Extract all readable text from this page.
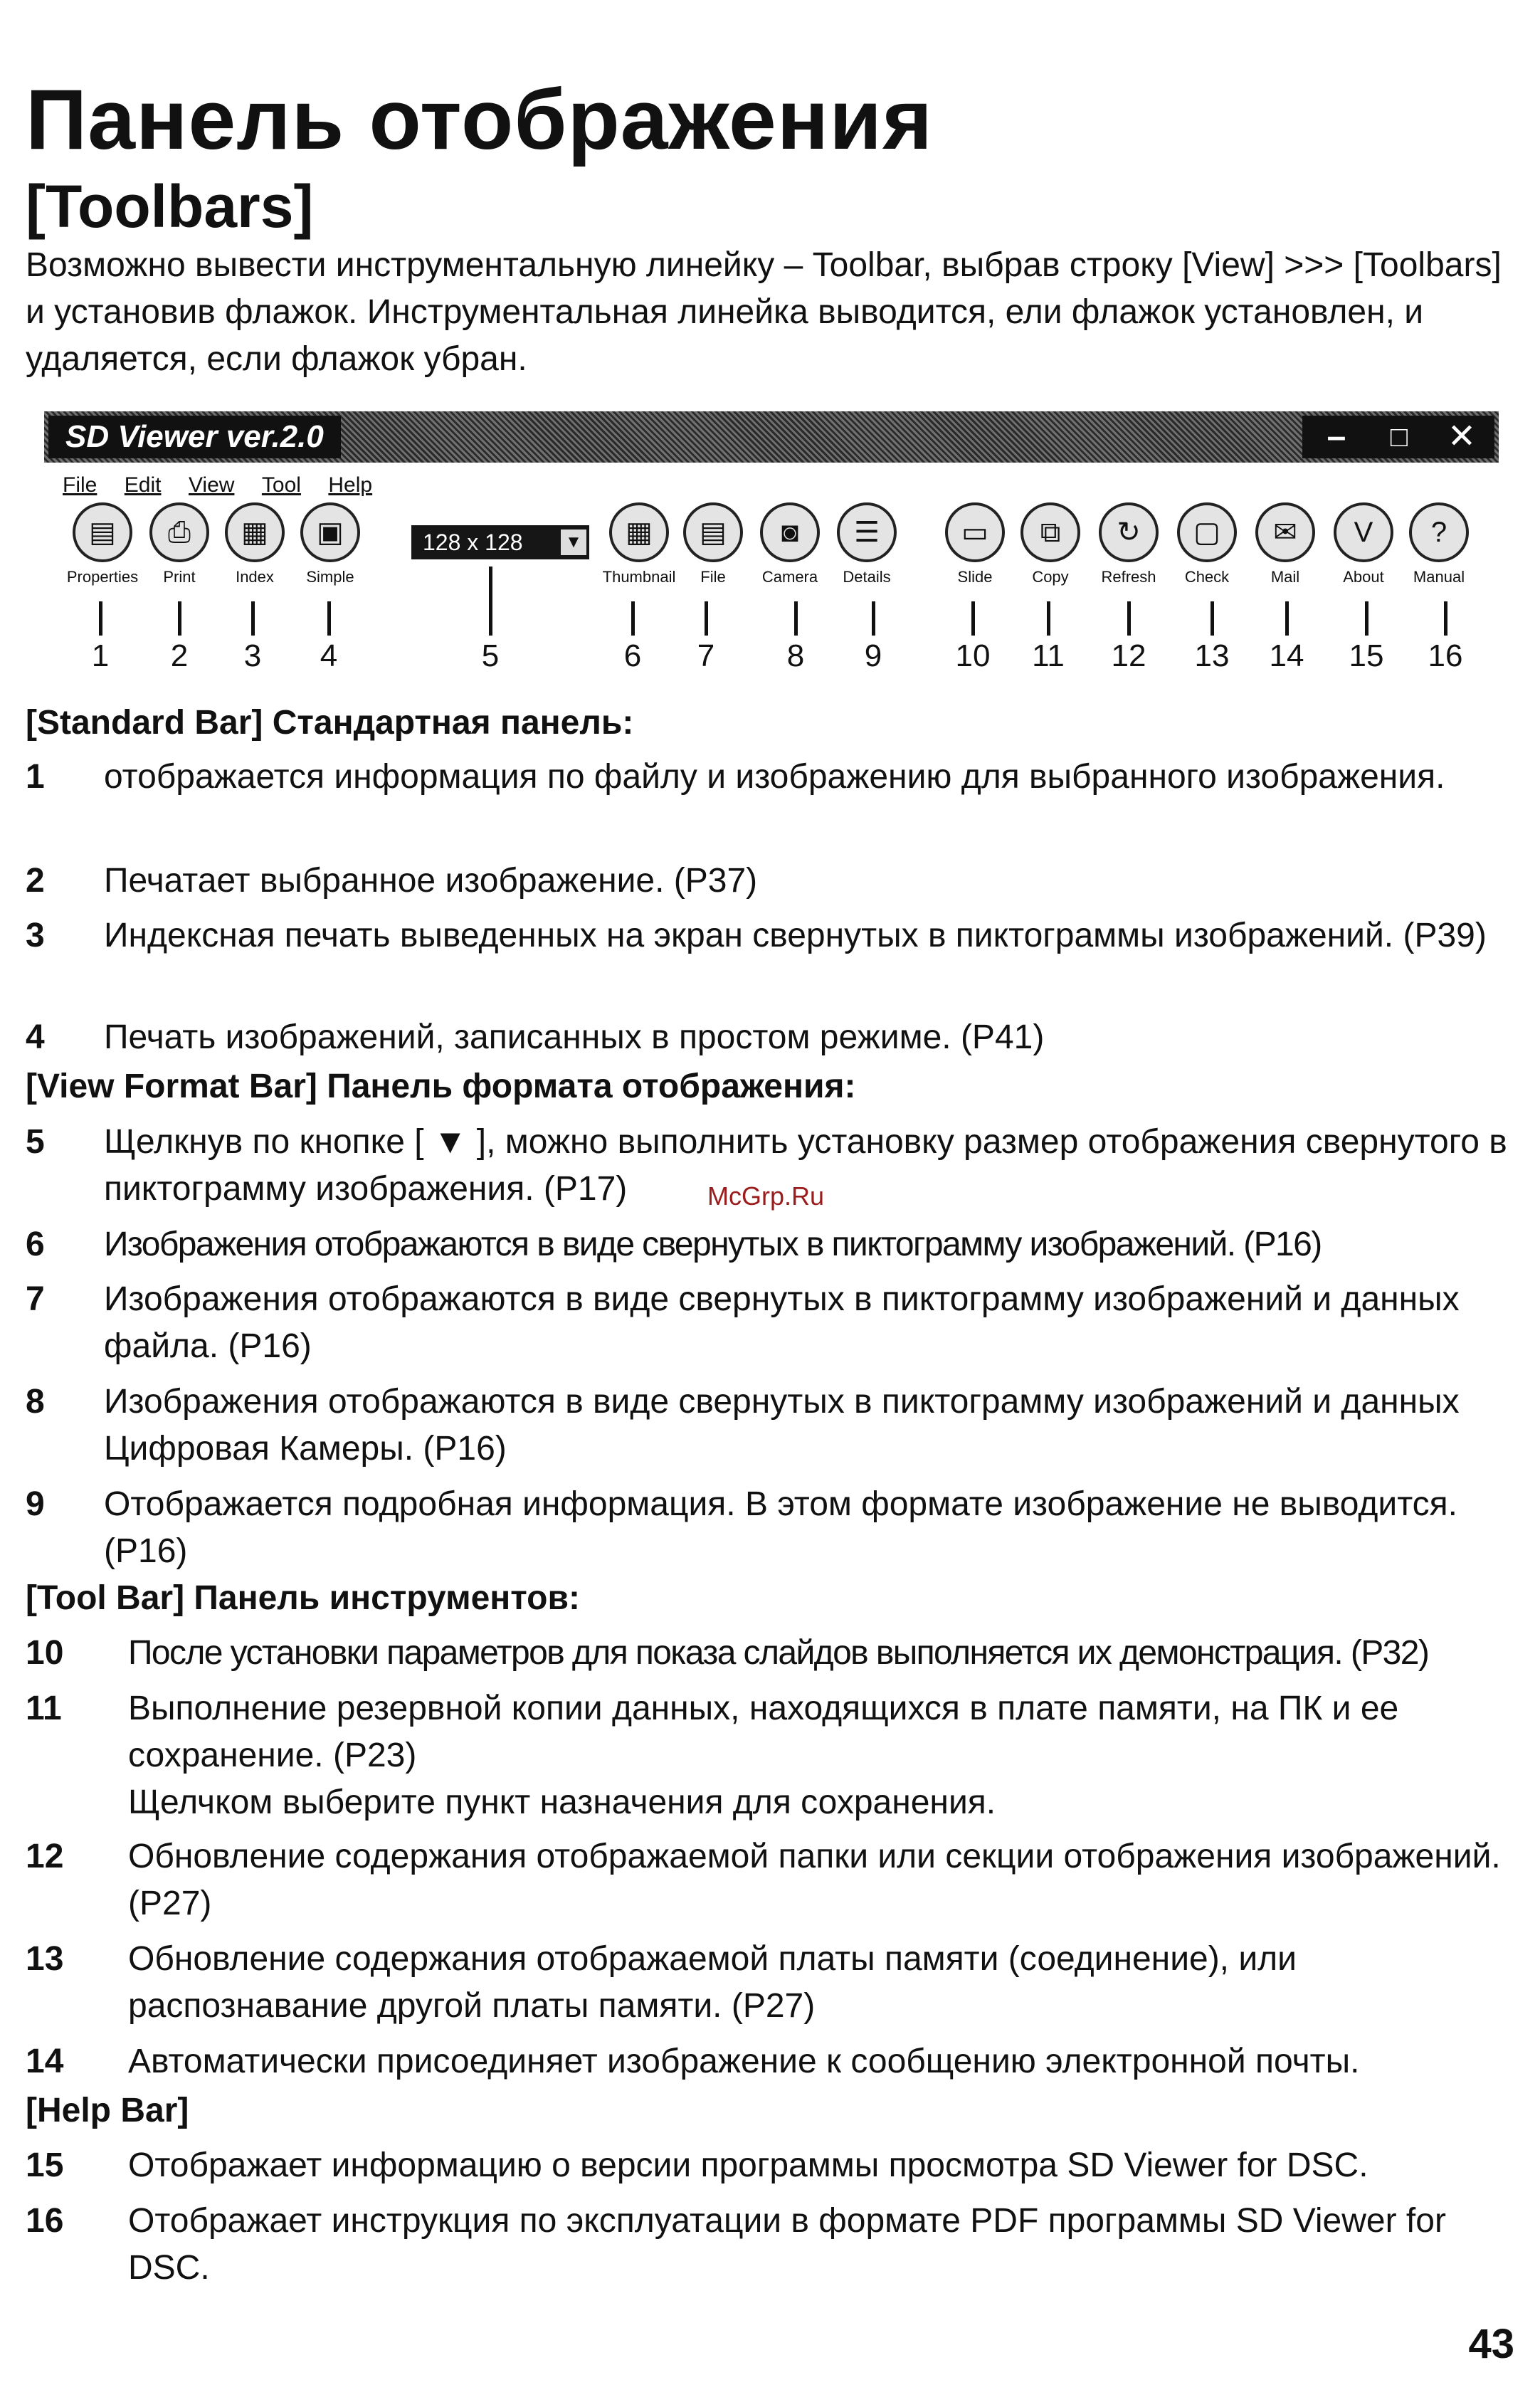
Панель отображения
[Toolbars]
Возможно вывести инструментальную линейку – Toolbar, выбрав строку [View] >>> [Toolbars] и установив флажок. Инструментальная линейка выводится, ели флажок установлен, и удаляется, если флажок убран.
SD Viewer ver.2.0	–	□	✕
File Edit View Tool Help
▤
Properties
⎙
Print
▦
Index
▣
Simple
128 x 128 ▼	▦
Thumbnail
▤
File
◙
Camera
☰
Details
▭
Slide
⧉
Copy
↻
Refresh
▢
Check
✉
Mail
V
About
?
Manual
1	2	3	4	5	6	7	8	9	10	11	12	13	14	15	16
[Standard Bar] Стандартная панель:
1 отображается информация по файлу и изображению для выбранного изображения.
2 Печатает выбранное изображение. (P37)
3 Индексная печать выведенных на экран свернутых в пиктограммы изображений. (P39)
4 Печать изображений, записанных в простом режиме. (P41)
[View Format Bar] Панель формата отображения:
5 Щелкнув по кнопке [ ▼ ], можно выполнить установку размер отображения свернутого в пиктограмму изображения. (P17)
6 Изображения отображаются в виде свернутых в пиктограмму изображений. (P16)
7 Изображения отображаются в виде свернутых в пиктограмму изображений и данных файла. (P16)
8 Изображения отображаются в виде свернутых в пиктограмму изображений и данных Цифровая Камеры. (P16)
9 Отображается подробная информация. В этом формате изображение не выводится. (P16)
[Tool Bar] Панель инструментов:
10 После установки параметров для показа слайдов выполняется их демонстрация. (P32)
11 Выполнение резервной копии данных, находящихся в плате памяти, на ПК и ее сохранение. (P23)
Щелчком выберите пункт назначения для сохранения.
12 Обновление содержания отображаемой папки или секции отображения изображений. (P27)
13 Обновление содержания отображаемой платы памяти (соединение), или распознавание другой платы памяти. (P27)
14 Автоматически присоединяет изображение к сообщению электронной почты.
[Help Bar]
15 Отображает информацию о версии программы просмотра SD Viewer for DSC.
16 Отображает инструкция по эксплуатации в формате PDF программы SD Viewer for DSC.
McGrp.Ru
43
